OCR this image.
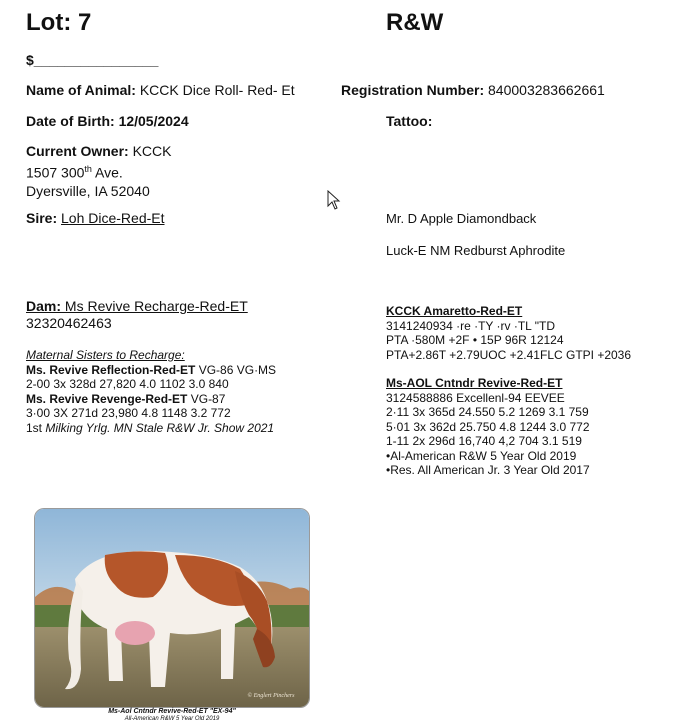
Lot: 7	R&W
$________________
Name of Animal: KCCK Dice Roll- Red- Et	Registration Number: 840003283662661
Date of Birth: 12/05/2024	Tattoo:
Current Owner: KCCK
1507 300th Ave.
Dyersville, IA 52040
Sire: Loh Dice-Red-Et	Mr. D Apple Diamondback
Luck-E NM Redburst Aphrodite
Dam: Ms Revive Recharge-Red-ET
32320462463
Maternal Sisters to Recharge:
Ms. Revive Reflection-Red-ET VG-86 VG·MS
2-00 3x 328d 27,820 4.0 1102 3.0 840
Ms. Revive Revenge-Red-ET VG-87
3·00 3X 271d 23,980 4.8 1148 3.2 772
1st Milking Yrlg. MN Stale R&W Jr. Show 2021
KCCK Amaretto-Red-ET
3141240934 ·re ·TY ·rv ·TL "TD
PTA ·580M +2F • 15P 96R 12124
PTA+2.86T +2.79UOC +2.41FLC GTPI +2036
Ms-AOL Cntndr Revive-Red-ET
3124588886 Excellenl-94 EEVEE
2·11 3x 365d 24.550 5.2 1269 3.1 759
5·01 3x 362d 25.750 4.8 1244 3.0 772
1-11 2x 296d 16,740 4,2 704 3.1 519
•Al-American R&W 5 Year Old 2019
•Res. All American Jr. 3 Year Old 2017
© Englert Pinchers
Ms-Aol Cntndr Revive-Red-ET "EX-94"
All-American R&W 5 Year Old 2019
